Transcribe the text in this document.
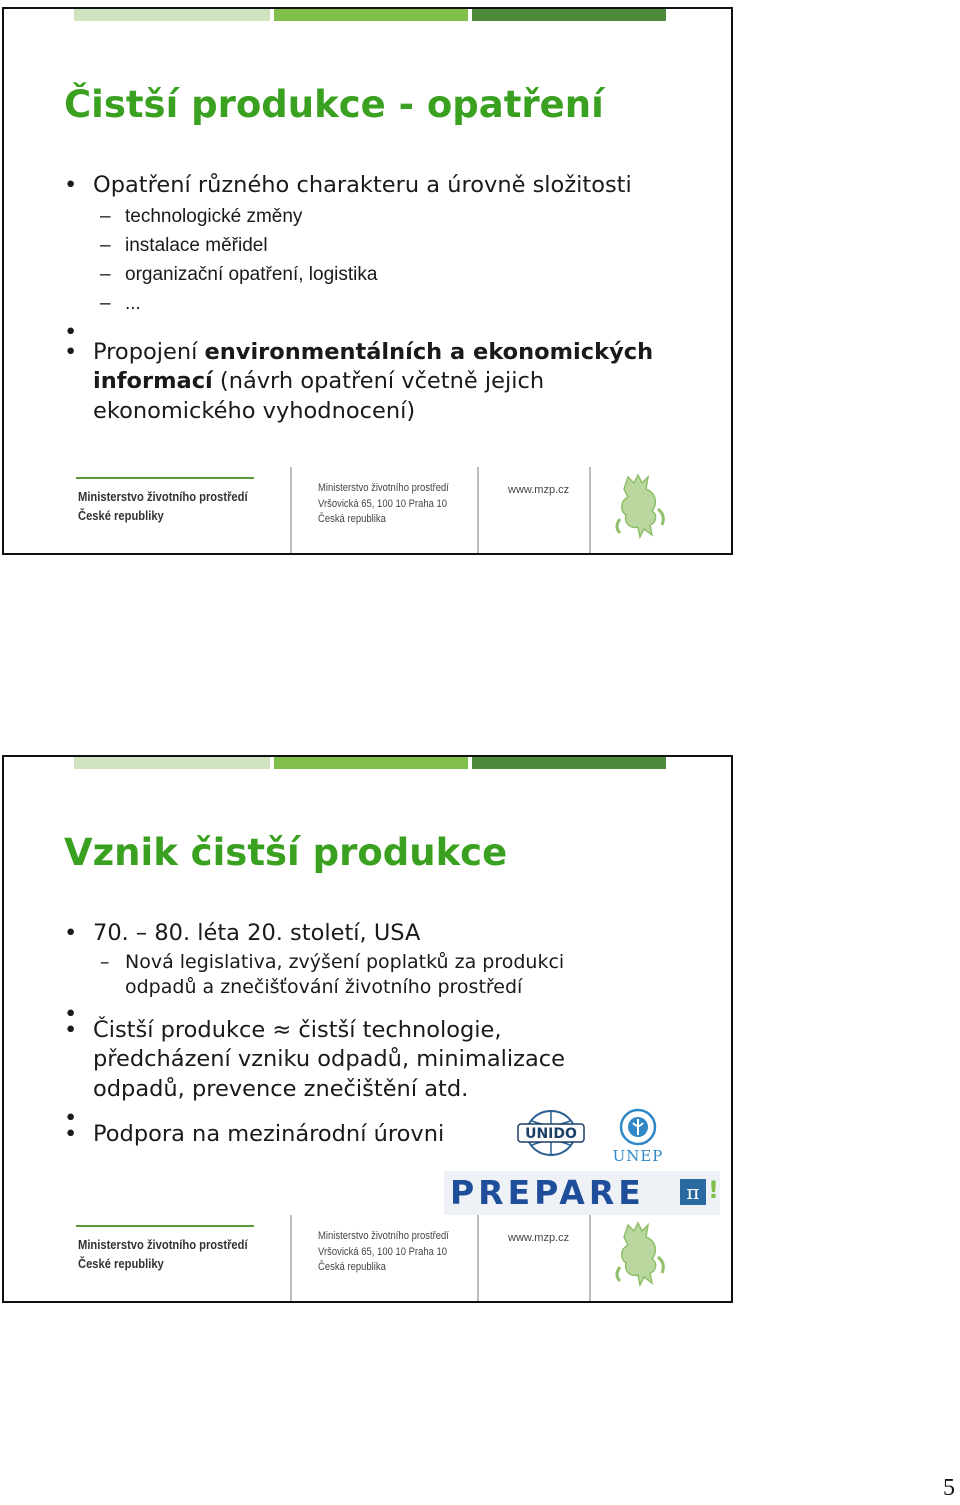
Čistší produkce - opatření
• Opatření různého charakteru a úrovně složitosti
– technologické změny
– instalace měřidel
– organizační opatření, logistika
– ...
•
• Propojení environmentálních a ekonomických informací (návrh opatření včetně jejich ekonomického vyhodnocení)
Ministerstvo životního prostředí
České republiky
Ministerstvo životního prostředí
Vršovická 65, 100 10 Praha 10
Česká republika
www.mzp.cz
Vznik čistší produkce
• 70. – 80. léta 20. století, USA
– Nová legislativa, zvýšení poplatků za produkci odpadů a znečišťování životního prostředí
•
• Čistší produkce ≈ čistší technologie, předcházení vzniku odpadů, minimalizace odpadů, prevence znečištění atd.
•
• Podpora na mezinárodní úrovni	UNIDO
UNEP
PREPARE	π !
Ministerstvo životního prostředí
České republiky
Ministerstvo životního prostředí
Vršovická 65, 100 10 Praha 10
Česká republika
www.mzp.cz
5
